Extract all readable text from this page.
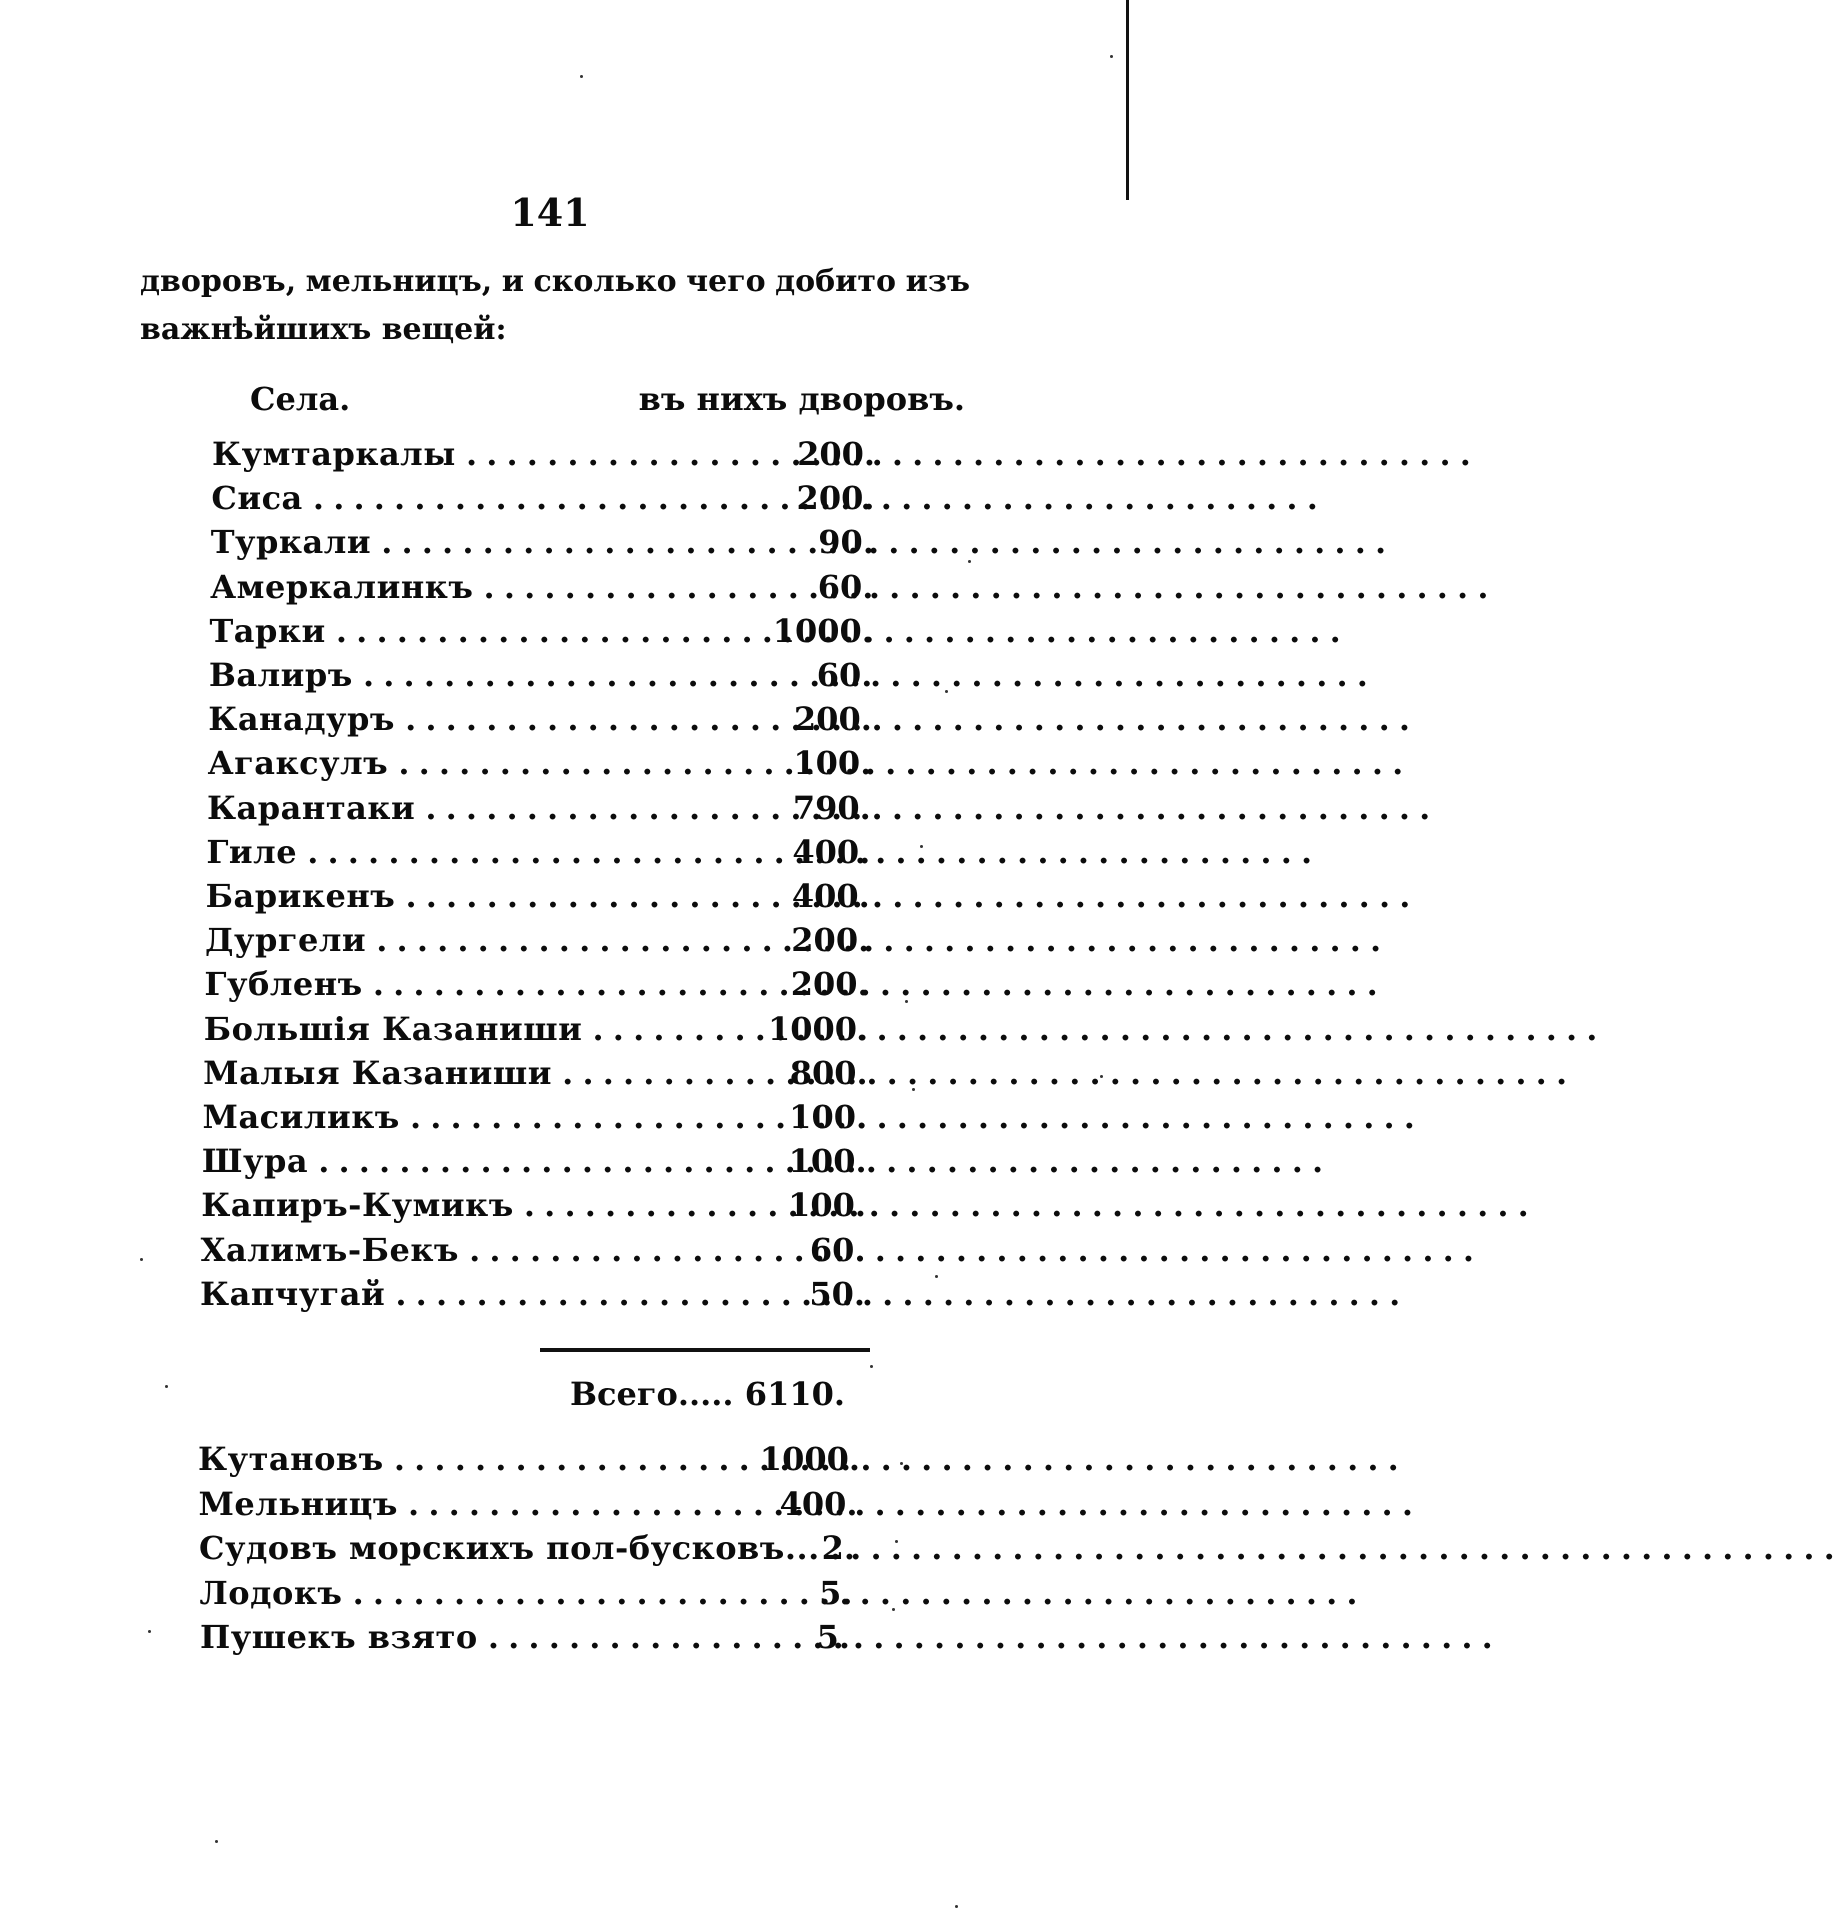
141
дворовъ, мельницъ, и сколько чего добито изъ
важнѣйшихъ вещей:
Села.	въ нихъ дворовъ.
Кумтаркалы . . .	200.
Сиса . . .	200.
Туркали . . .	90.
Амеркалинкъ . . .	60.
Тарки . . .	1000.
Валиръ . . .	60.
Канадуръ . . .	200.
Агаксулъ . . .	100.
Карантаки . . .	790.
Гиле . . .	400.
Барикенъ . . .	400.
Дургели . . .	200.
Губленъ . . .	200.
Большія Казаниши . . .	1000.
Малыя Казаниши . . .	800.
Масиликъ . . .	100.
Шура . . .	100.
Капиръ-Кумикъ . . .	100.
Халимъ-Бекъ . . .	60.
Капчугай . . .	50.
Всего..... 6110.
Кутановъ . . .	1000.
Мельницъ . . .	400.
Судовъ морскихъ пол-бусковъ... . . . 2.
Лодокъ . . .	5.
Пушекъ взято . . .	5.
